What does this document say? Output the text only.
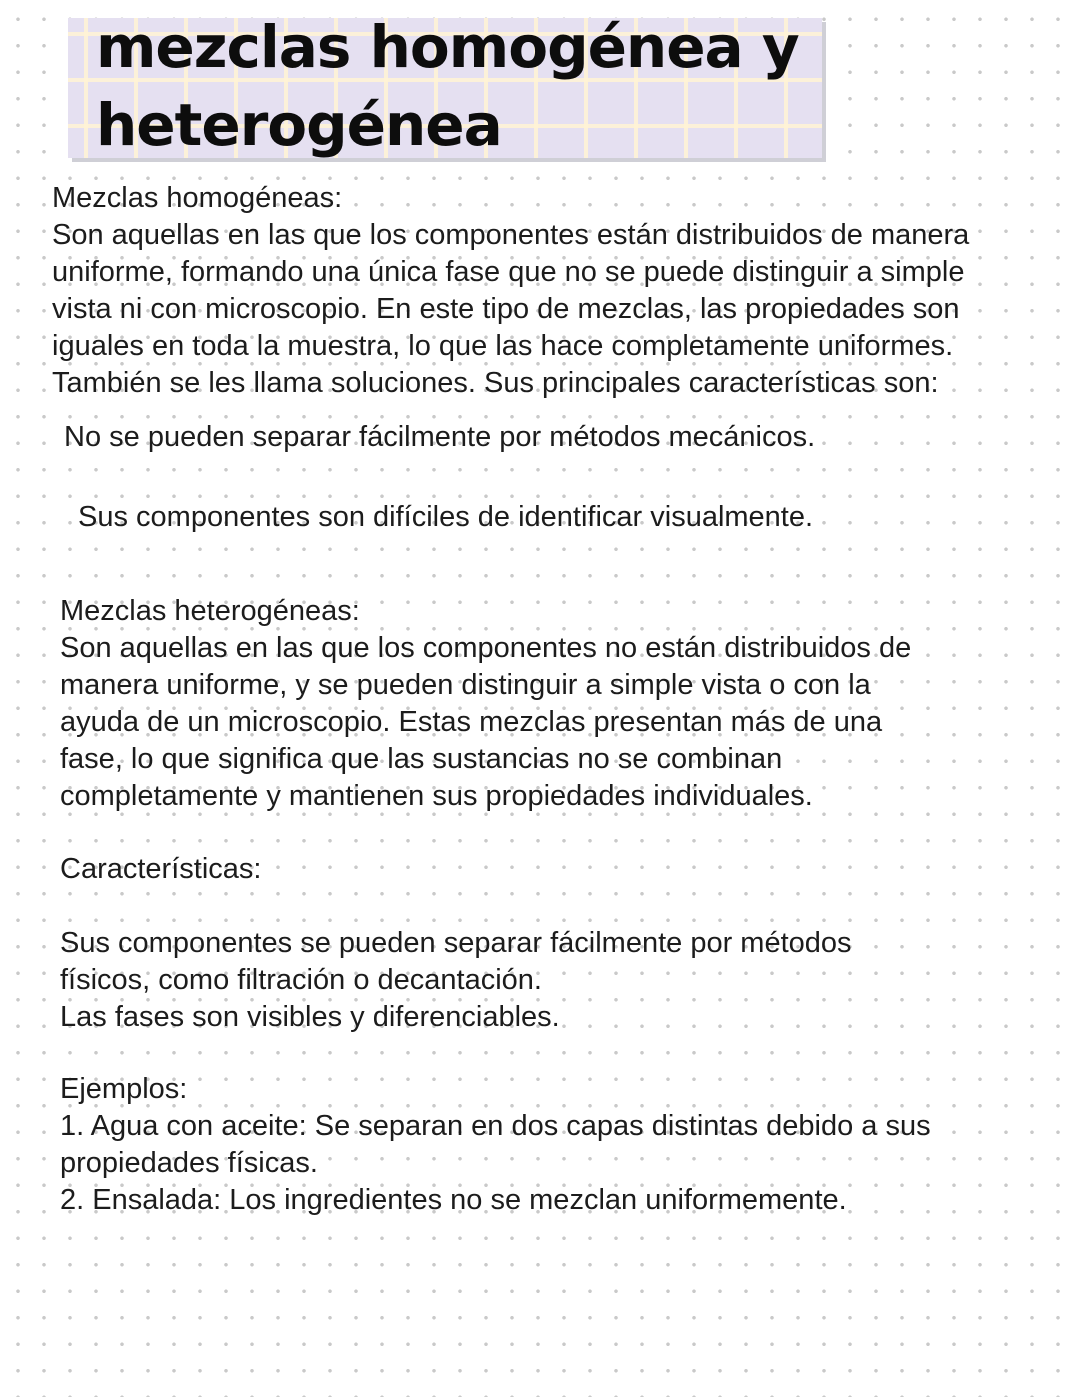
mezclas homogénea y
heterogénea

Mezclas homogéneas:

Son aquellas en las que los componentes están distribuidos de manera
uniforme, formando una única fase que no se puede distinguir a simple
vista ni con microscopio. En este tipo de mezclas, las propiedades son
iguales en toda la muestra, lo que las hace completamente uniformes.
También se les llama soluciones. Sus principales características son:

No se pueden separar fácilmente por métodos mecánicos.

Sus componentes son difíciles de identificar visualmente.

Mezclas heterogéneas:

Son aquellas en las que los componentes no están distribuidos de
manera uniforme, y se pueden distinguir a simple vista o con la
ayuda de un microscopio. Estas mezclas presentan más de una
fase, lo que significa que las sustancias no se combinan
completamente y mantienen sus propiedades individuales.

Características:

Sus componentes se pueden separar fácilmente por métodos
físicos, como filtración o decantación.
Las fases son visibles y diferenciables.

Ejemplos:

1. Agua con aceite: Se separan en dos capas distintas debido a sus
propiedades físicas.
2. Ensalada: Los ingredientes no se mezclan uniformemente.
